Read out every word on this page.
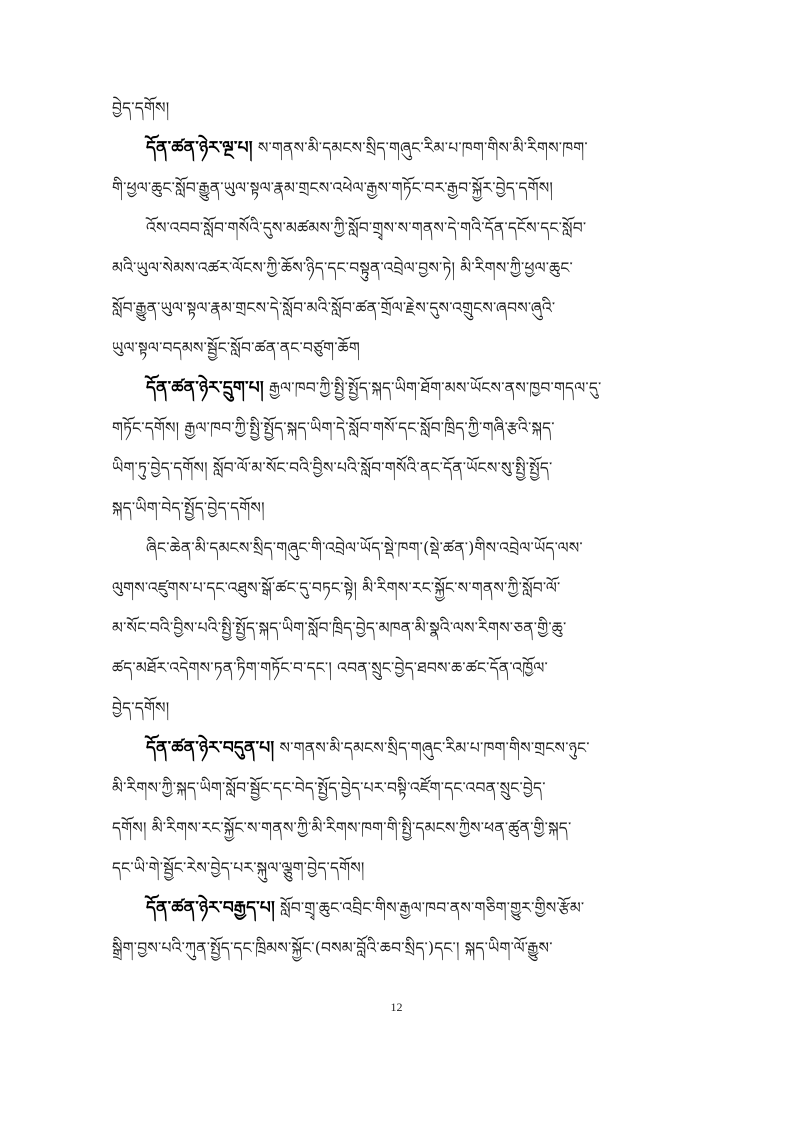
བྱེད་དགོས།
དོན་ཚན་ཉེར་ལྔ་པ། ས་གནས་མི་དམངས་སྲིད་གཞུང་རིམ་པ་ཁག་གིས་མི་རིགས་ཁག་
གི་ཕྱལ་ཆུང་སློབ་རྒྱུན་ཡུལ་སྟལ་རྣམ་གྲངས་འཕེལ་རྒྱས་གཏོང་བར་རྒྱབ་སྐྱོར་བྱེད་དགོས།
འོས་འབབ་སློབ་གསོའི་དུས་མཚམས་ཀྱི་སློབ་གྲྭས་ས་གནས་དེ་གའི་དོན་དངོས་དང་སློབ་
མའི་ཡུལ་སེམས་འཚར་ལོངས་ཀྱི་ཆོས་ཉིད་དང་བསྟུན་འབྲེལ་བྱས་ཏེ། མི་རིགས་ཀྱི་ཕྱལ་ཆུང་
སློབ་རྒྱུན་ཡུལ་སྟལ་རྣམ་གྲངས་དེ་སློབ་མའི་སློབ་ཚན་གྲོལ་རྗེས་དུས་འགྲུངས་ཞབས་ཞུའི་
ཡུལ་སྟལ་བདམས་སྦྱོང་སློབ་ཚན་ནང་བཙུག་ཆོག
དོན་ཚན་ཉེར་དྲུག་པ། རྒྱལ་ཁབ་ཀྱི་སྤྱི་སྤྱོད་སྐད་ཡིག་ཐོག་མས་ཡོངས་ནས་ཁྱབ་གདལ་དུ་
གཏོང་དགོས། རྒྱལ་ཁབ་ཀྱི་སྤྱི་སྤྱོད་སྐད་ཡིག་དེ་སློབ་གསོ་དང་སློབ་ཁྲིད་ཀྱི་གཞི་རྩའི་སྐད་
ཡིག་ཏུ་བྱེད་དགོས། སློབ་ལོ་མ་སོང་བའི་བྱིས་པའི་སློབ་གསོའི་ནང་དོན་ཡོངས་སུ་སྤྱི་སྤྱོད་
སྐད་ཡིག་བེད་སྤྱོད་བྱེད་དགོས།
ཞིང་ཆེན་མི་དམངས་སྲིད་གཞུང་གི་འབྲེལ་ཡོད་སྡེ་ཁག་(སྡེ་ཚན་)གིས་འབྲེལ་ཡོད་ལས་
ལུགས་འཛུགས་པ་དང་འཐུས་སྒོ་ཚང་དུ་བཏང་སྟེ། མི་རིགས་རང་སྐྱོང་ས་གནས་ཀྱི་སློབ་ལོ་
མ་སོང་བའི་བྱིས་པའི་སྤྱི་སྤྱོད་སྐད་ཡིག་སློབ་ཁྲིད་བྱེད་མཁན་མི་སྣའི་ལས་རིགས་ཅན་གྱི་ཆུ་
ཚད་མཐོར་འདེགས་ཏན་ཏིག་གཏོང་བ་དང་། འབན་སྲུང་བྱེད་ཐབས་ཆ་ཚང་དོན་འཁྱོལ་
བྱེད་དགོས།
དོན་ཚན་ཉེར་བདུན་པ། ས་གནས་མི་དམངས་སྲིད་གཞུང་རིམ་པ་ཁག་གིས་གྲངས་ཉུང་
མི་རིགས་ཀྱི་སྐད་ཡིག་སློབ་སྦྱོང་དང་བེད་སྤྱོད་བྱེད་པར་བསྟི་འཛོག་དང་འབན་སྲུང་བྱེད་
དགོས། མི་རིགས་རང་སྐྱོང་ས་གནས་ཀྱི་མི་རིགས་ཁག་གི་སྤྱི་དམངས་ཀྱིས་ཕན་ཚུན་གྱི་སྐད་
དང་ཡི་གེ་སྦྱོང་རེས་བྱེད་པར་སྐུལ་ལྕུག་བྱེད་དགོས།
དོན་ཚན་ཉེར་བརྒྱད་པ། སློབ་གྲྭ་ཆུང་འབྲིང་གིས་རྒྱལ་ཁབ་ནས་གཅིག་གྱུར་གྱིས་རྩོམ་
སྒྲིག་བྱས་པའི་ཀུན་སྤྱོད་དང་ཁྲིམས་སྐྱོང་(བསམ་བློའི་ཆབ་སྲིད་)དང་། སྐད་ཡིག་ལོ་རྒྱུས་
12
